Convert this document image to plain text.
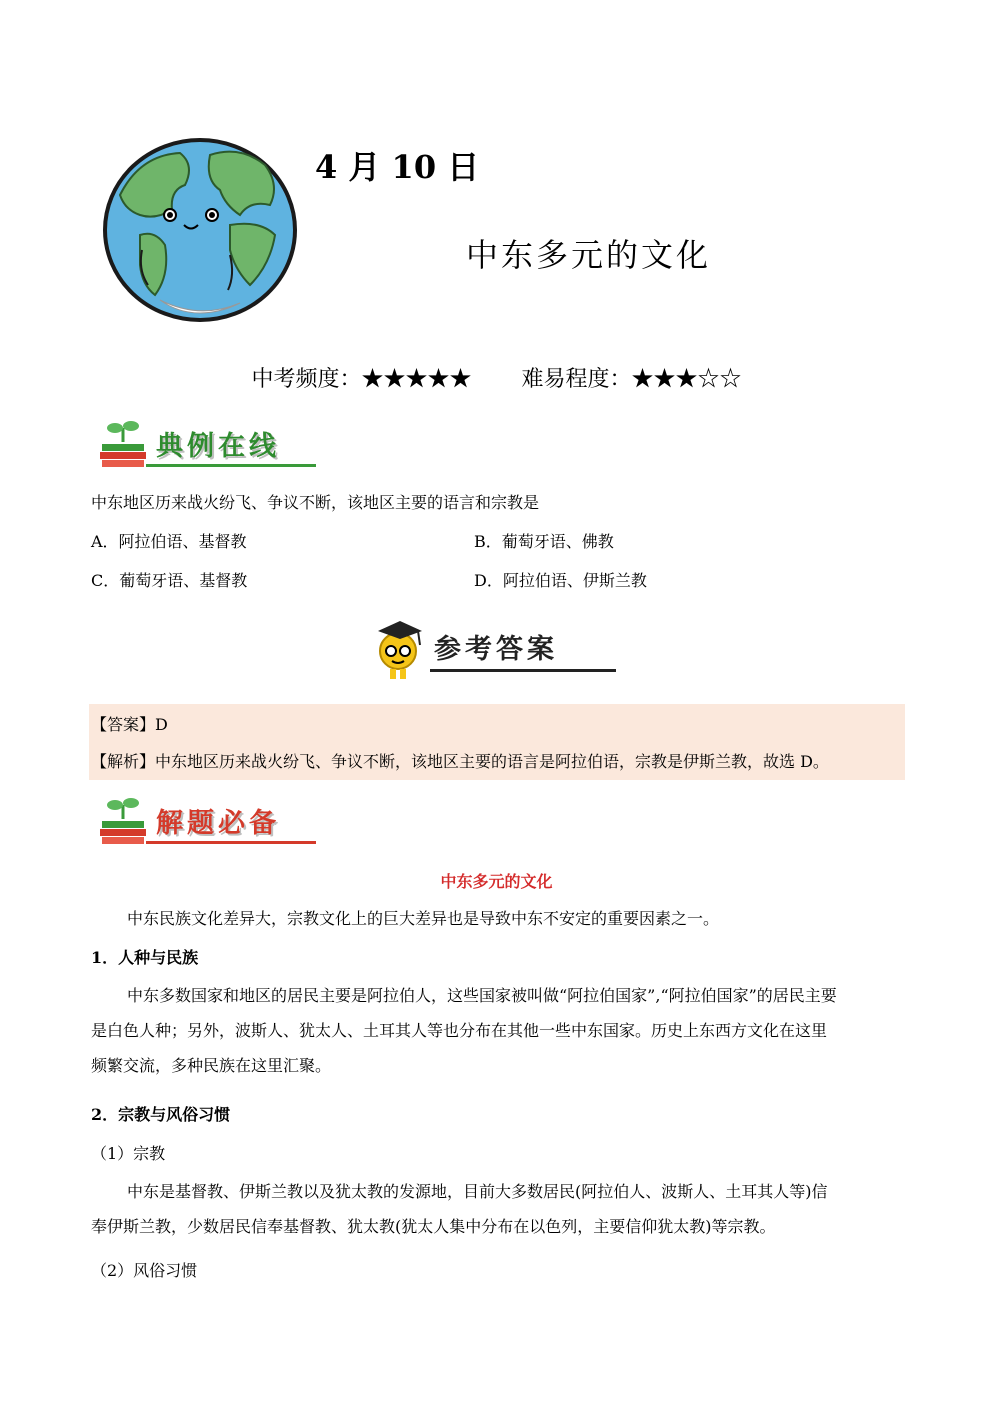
4 月 10 日
中东多元的文化
中考频度：★★★★★ 难易程度：★★★☆☆
典例在线
中东地区历来战火纷飞、争议不断，该地区主要的语言和宗教是
A．阿拉伯语、基督教	B．葡萄牙语、佛教
C．葡萄牙语、基督教	D．阿拉伯语、伊斯兰教
参考答案
【答案】D
【解析】中东地区历来战火纷飞、争议不断，该地区主要的语言是阿拉伯语，宗教是伊斯兰教，故选 D。
解题必备
中东多元的文化
中东民族文化差异大，宗教文化上的巨大差异也是导致中东不安定的重要因素之一。
1．人种与民族
中东多数国家和地区的居民主要是阿拉伯人，这些国家被叫做“阿拉伯国家”,“阿拉伯国家”的居民主要
是白色人种；另外，波斯人、犹太人、土耳其人等也分布在其他一些中东国家。历史上东西方文化在这里
频繁交流，多种民族在这里汇聚。
2．宗教与风俗习惯
（1）宗教
中东是基督教、伊斯兰教以及犹太教的发源地，目前大多数居民(阿拉伯人、波斯人、土耳其人等)信
奉伊斯兰教，少数居民信奉基督教、犹太教(犹太人集中分布在以色列，主要信仰犹太教)等宗教。
（2）风俗习惯
